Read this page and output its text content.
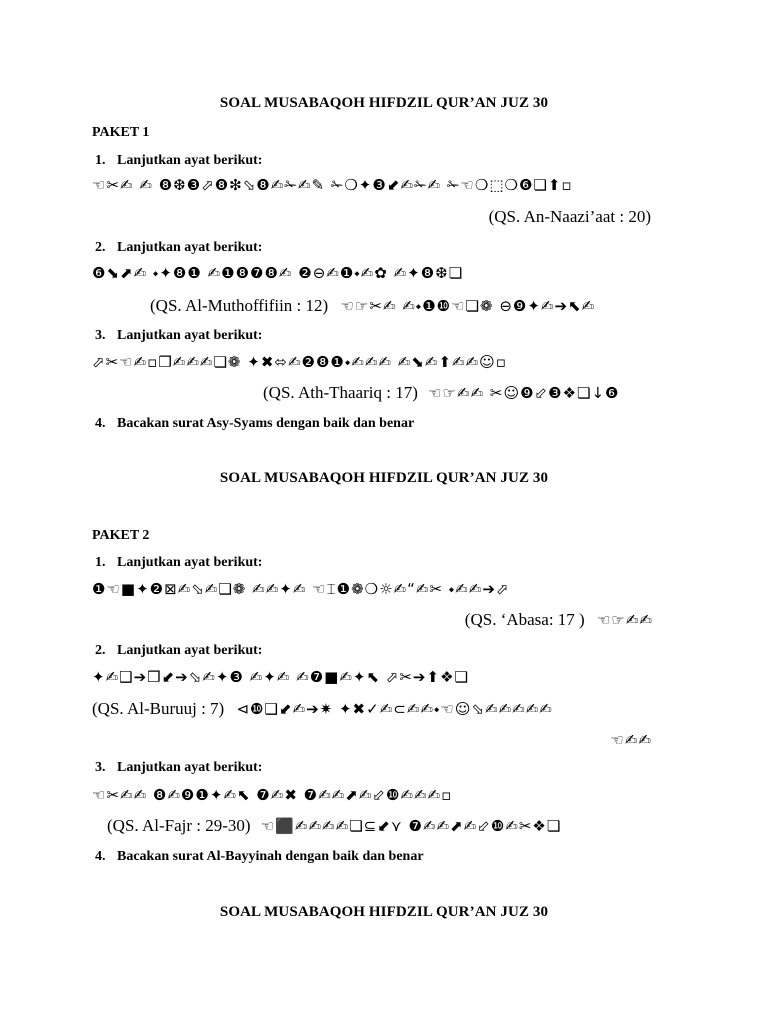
SOAL MUSABAQOH HIFDZIL QUR’AN JUZ 30
PAKET 1
1. Lanjutkan ayat berikut:
☜✂✍ ✍ ❽❆❸⬀❽❇⬂❽✍✁✍✎ ✁❍✦❸⬋✍✁✍ ✁☜❍⬚❍❻❏⬆▫
(QS. An-Naazi’aat : 20)
2. Lanjutkan ayat berikut:
❻⬊⬈✍ ⬩✦❽❶ ✍❶❽❼❽✍ ❷⊖✍❶⬩✍✿ ✍✦❽❆❏
(QS. Al-Muthoffifiin : 12) ☜☞✂✍ ✍⬩❶❿☜❏❁ ⊖❾✦✍➔⬉✍
3. Lanjutkan ayat berikut:
⬀✂☜✍▫❒✍✍✍❏❁ ✦✖⬄✍❷❽❶⬩✍✍✍ ✍⬊✍⬆✍✍☺▫
(QS. Ath-Thaariq : 17) ☜☞✍✍ ✂☺❾⬃❸❖❏↓❻
4. Bacakan surat Asy-Syams dengan baik dan benar
SOAL MUSABAQOH HIFDZIL QUR’AN JUZ 30
PAKET 2
1. Lanjutkan ayat berikut:
❶☜■✦❷⊠✍⬂✍❏❁ ✍✍✦✍ ☜⌶❶❁❍☼✍“✍✂ ⬩✍✍➔⬀
(QS. ‘Abasa: 17 ) ☜☞✍✍
2. Lanjutkan ayat berikut:
✦✍❑➔❒⬋➔⬂✍✦❸ ✍✦✍ ✍❼■✍✦⬉ ⬀✂➔⬆❖❏
(QS. Al-Buruuj : 7) ⊲❿❑⬋✍➔✷ ✦✖✓✍⊂✍✍⬩☜☺⬂✍✍✍✍✍
☜✍✍
3. Lanjutkan ayat berikut:
☜✂✍✍ ❽✍❾❶✦✍⬉ ❼✍✖ ❼✍✍⬈✍⬃❿✍✍✍▫
(QS. Al-Fajr : 29-30) ☜⬛✍✍✍✍❏⊆⬋⋎ ❼✍✍⬈✍⬃❿✍✂❖❏
4. Bacakan surat Al-Bayyinah dengan baik dan benar
SOAL MUSABAQOH HIFDZIL QUR’AN JUZ 30
